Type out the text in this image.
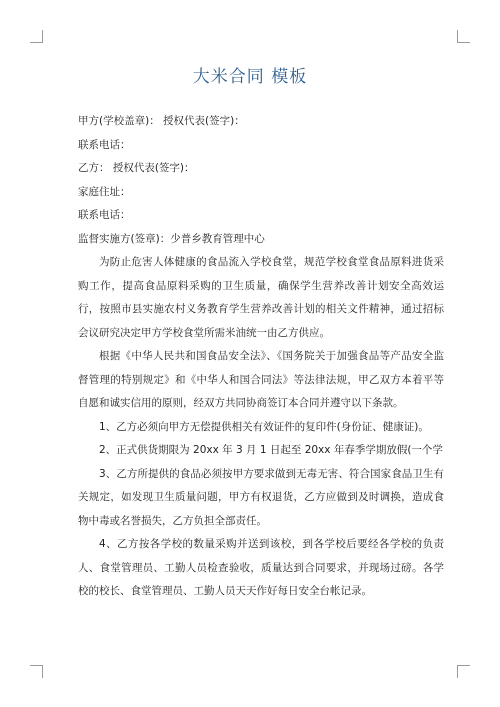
大米合同 模板
甲方(学校盖章)： 授权代表(签字)：
联系电话：
乙方： 授权代表(签字)：
家庭住址：
联系电话：
监督实施方(签章)：少普乡教育管理中心

为防止危害人体健康的食品流入学校食堂，规范学校食堂食品原料进货采购工作，提高食品原料采购的卫生质量，确保学生营养改善计划安全高效运行，按照市县实施农村义务教育学生营养改善计划的相关文件精神，通过招标会议研究决定甲方学校食堂所需米油统一由乙方供应。

根据《中华人民共和国食品安全法》、《国务院关于加强食品等产品安全监督管理的特别规定》和《中华人和国合同法》等法律法规，甲乙双方本着平等自愿和诚实信用的原则，经双方共同协商签订本合同并遵守以下条款。

1、乙方必须向甲方无偿提供相关有效证件的复印件(身份证、健康证)。

2、正式供货期限为 20xx 年 3 月 1 日起至 20xx 年春季学期放假(一个学

3、乙方所提供的食品必须按甲方要求做到无毒无害、符合国家食品卫生有关规定，如发现卫生质量问题，甲方有权退货，乙方应做到及时调换，造成食物中毒或名誉损失，乙方负担全部责任。

4、乙方按各学校的数量采购并送到该校，到各学校后要经各学校的负责人、食堂管理员、工勤人员检查验收，质量达到合同要求，并现场过磅。各学校的校长、食堂管理员、工勤人员天天作好每日安全台帐记录。
